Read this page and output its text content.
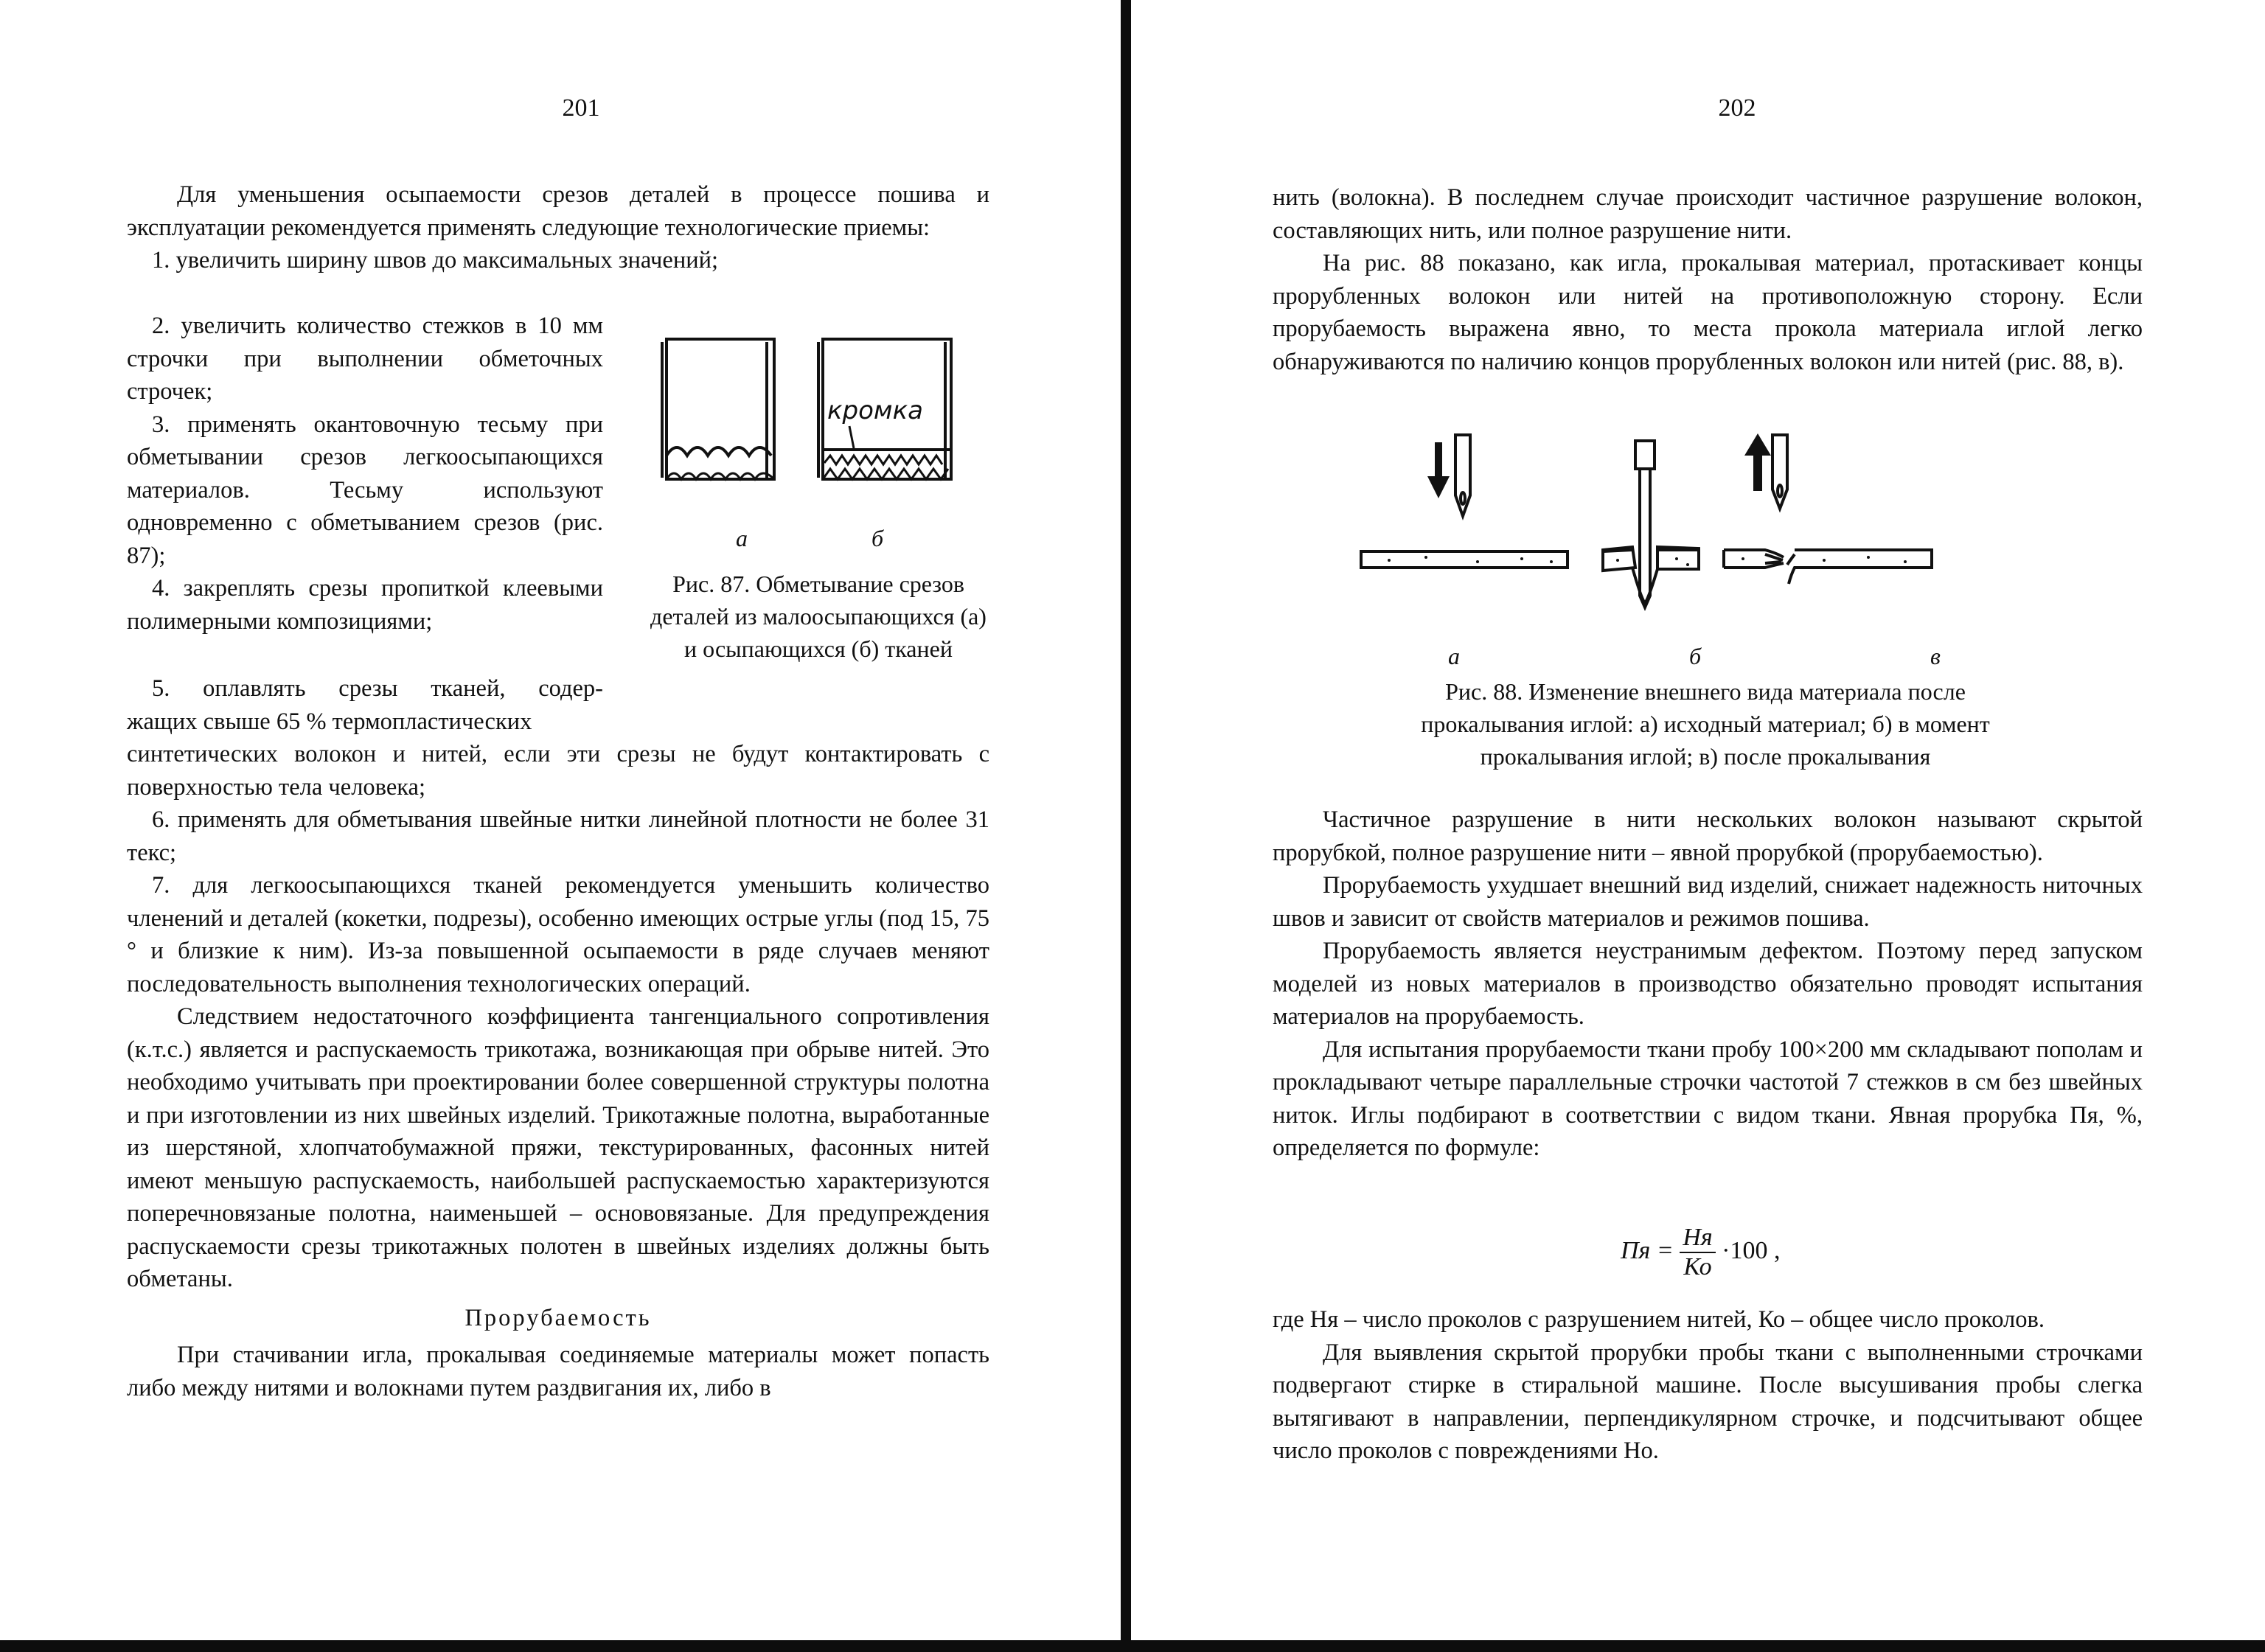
201

Для уменьшения осыпаемости срезов деталей в процессе пошива и эксплуатации рекомендуется применять следующие технологические приемы:

1. увеличить ширину швов до максимальных значений;

2. увеличить количество стежков в 10 мм строчки при выполнении обметочных строчек;

3. применять окантовочную тесьму при обметывании срезов легкоосыпающихся материалов. Тесьму используют одновременно с обметыванием срезов (рис. 87);

4. закреплять срезы пропиткой клеевыми полимерными композициями;

кромка
а	б
Рис. 87. Обметывание срезов деталей из малоосыпающихся (а) и осыпающихся (б) тканей

5. оплавлять срезы тканей, содер-

жащих свыше 65 % термопластических

синтетических волокон и нитей, если эти срезы не будут контактировать с поверхностью тела человека;

6. применять для обметывания швейные нитки линейной плотности не более 31 текс;

7. для легкоосыпающихся тканей рекомендуется уменьшить количество членений и деталей (кокетки, подрезы), особенно имеющих острые углы (под 15, 75 ° и близкие к ним). Из-за повышенной осыпаемости в ряде случаев меняют последовательность выполнения технологических операций.

Следствием недостаточного коэффициента тангенциального сопротивления (к.т.с.) является и распускаемость трикотажа, возникающая при обрыве нитей. Это необходимо учитывать при проектировании более совершенной структуры полотна и при изготовлении из них швейных изделий. Трикотажные полотна, выработанные из шерстяной, хлопчатобумажной пряжи, текстурированных, фасонных нитей имеют меньшую распускаемость, наибольшей распускаемостью характеризуются поперечновязаные полотна, наименьшей – основовязаные. Для предупреждения распускаемости срезы трикотажных полотен в швейных изделиях должны быть обметаны.

Прорубаемость

При стачивании игла, прокалывая соединяемые материалы может попасть либо между нитями и волокнами путем раздвигания их, либо в

202

нить (волокна). В последнем случае происходит частичное разрушение волокон, составляющих нить, или полное разрушение нити.

На рис. 88 показано, как игла, прокалывая материал, протаскивает концы прорубленных волокон или нитей на противоположную сторону. Если прорубаемость выражена явно, то места прокола материала иглой легко обнаруживаются по наличию концов прорубленных волокон или нитей (рис. 88, в).

а	б	в
Рис. 88. Изменение внешнего вида материала после прокалывания иглой: а) исходный материал; б) в момент прокалывания иглой; в) после прокалывания

Частичное разрушение в нити нескольких волокон называют скрытой прорубкой, полное разрушение нити – явной прорубкой (прорубаемостью).

Прорубаемость ухудшает внешний вид изделий, снижает надежность ниточных швов и зависит от свойств материалов и режимов пошива.

Прорубаемость является неустранимым дефектом. Поэтому перед запуском моделей из новых материалов в производство обязательно проводят испытания материалов на прорубаемость.

Для испытания прорубаемости ткани пробу 100×200 мм складывают пополам и прокладывают четыре параллельные строчки частотой 7 стежков в см без швейных ниток. Иглы подбирают в соответствии с видом ткани. Явная прорубка Пя, %, определяется по формуле:

Пя = $\frac{Ня}{Ко} \cdot 100$ ,

где Ня – число проколов с разрушением нитей, Ко – общее число проколов.

Для выявления скрытой прорубки пробы ткани с выполненными строчками подвергают стирке в стиральной машине. После высушивания пробы слегка вытягивают в направлении, перпендикулярном строчке, и подсчитывают общее число проколов с повреждениями Но.
